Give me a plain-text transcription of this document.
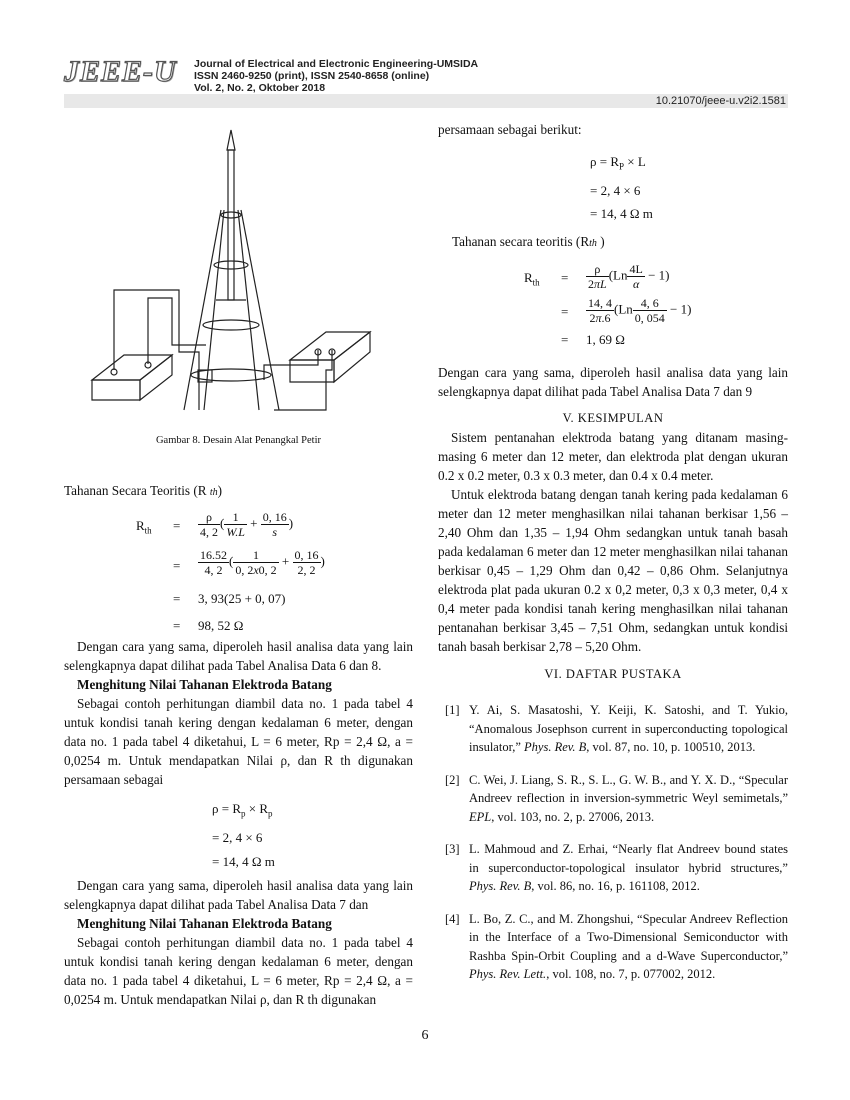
JEEE-U Journal of Electrical and Electronic Engineering-UMSIDA
ISSN 2460-9250 (print), ISSN 2540-8658 (online)
Vol. 2, No. 2, Oktober 2018
10.21070/jeee-u.v2i2.1581
Gambar 8. Desain Alat Penangkal Petir
Tahanan Secara Teoritis (R th)
$R_{th} = \frac{\rho}{4, 2}$ ( $\frac{1}{W.L} + \frac{0, 16}{s}$ )
= $\frac{16.52}{4, 2}$ ( $\frac{1}{0, 2x0, 2} + \frac{0, 16}{2, 2}$ )
= 3, 93(25 + 0, 07)
= 98, 52 Ω

Dengan cara yang sama, diperoleh hasil analisa data yang lain selengkapnya dapat dilihat pada Tabel Analisa Data 6 dan 8.

Menghitung Nilai Tahanan Elektroda Batang

Sebagai contoh perhitungan diambil data no. 1 pada tabel 4 untuk kondisi tanah kering dengan kedalaman 6 meter, dengan data no. 1 pada tabel 4 diketahui, L = 6 meter, Rp = 2,4 Ω, a = 0,0254 m. Untuk mendapatkan Nilai ρ, dan R th digunakan persamaan sebagai

$\rho = R_p \times R_p$
= 2, 4 × 6
= 14, 4 Ω m

Dengan cara yang sama, diperoleh hasil analisa data yang lain selengkapnya dapat dilihat pada Tabel Analisa Data 7 dan

Menghitung Nilai Tahanan Elektroda Batang

Sebagai contoh perhitungan diambil data no. 1 pada tabel 4 untuk kondisi tanah kering dengan kedalaman 6 meter, dengan data no. 1 pada tabel 4 diketahui, L = 6 meter, Rp = 2,4 Ω, a = 0,0254 m. Untuk mendapatkan Nilai ρ, dan R th digunakan

persamaan sebagai berikut:
$\rho = R_P \times L$
= 2, 4 × 6
= 14, 4 Ω m
Tahanan secara teoritis (Rth )
$R_{th} = \frac{\rho}{2\pi L} (Ln \frac{4L}{\alpha} - 1)$
= $\frac{14, 4}{2\pi.6} (Ln \frac{4, 6}{0, 054} - 1)$
= 1, 69 Ω

Dengan cara yang sama, diperoleh hasil analisa data yang lain selengkapnya dapat dilihat pada Tabel Analisa Data 7 dan 9

V. KESIMPULAN

Sistem pentanahan elektroda batang yang ditanam masing-masing 6 meter dan 12 meter, dan elektroda plat dengan ukuran 0.2 x 0.2 meter, 0.3 x 0.3 meter, dan 0.4 x 0.4 meter.

Untuk elektroda batang dengan tanah kering pada kedalaman 6 meter dan 12 meter menghasilkan nilai tahanan berkisar 1,56 – 2,40 Ohm dan 1,35 – 1,94 Ohm sedangkan untuk tanah basah pada kedalaman 6 meter dan 12 meter menghasilkan nilai tahanan berkisar 0,45 – 1,29 Ohm dan 0,42 – 0,86 Ohm. Selanjutnya elektroda plat pada ukuran 0.2 x 0,2 meter, 0,3 x 0,3 meter, 0,4 x 0,4 meter pada kondisi tanah kering menghasilkan nilai tahanan pentanahan berkisar 3,45 – 7,51 Ohm, sedangkan untuk kondisi tanah basah berkisar 2,78 – 5,20 Ohm.

VI. DAFTAR PUSTAKA

[1] Y. Ai, S. Masatoshi, Y. Keiji, K. Satoshi, and T. Yukio, “Anomalous Josephson current in superconducting topological insulator,” Phys. Rev. B, vol. 87, no. 10, p. 100510, 2013.
[2] C. Wei, J. Liang, S. R., S. L., G. W. B., and Y. X. D., “Specular Andreev reflection in inversion-symmetric Weyl semimetals,” EPL, vol. 103, no. 2, p. 27006, 2013.
[3] L. Mahmoud and Z. Erhai, “Nearly flat Andreev bound states in superconductor-topological insulator hybrid structures,” Phys. Rev. B, vol. 86, no. 16, p. 161108, 2012.
[4] L. Bo, Z. C., and M. Zhongshui, “Specular Andreev Reflection in the Interface of a Two-Dimensional Semiconductor with Rashba Spin-Orbit Coupling and a d-Wave Superconductor,” Phys. Rev. Lett., vol. 108, no. 7, p. 077002, 2012.
6
